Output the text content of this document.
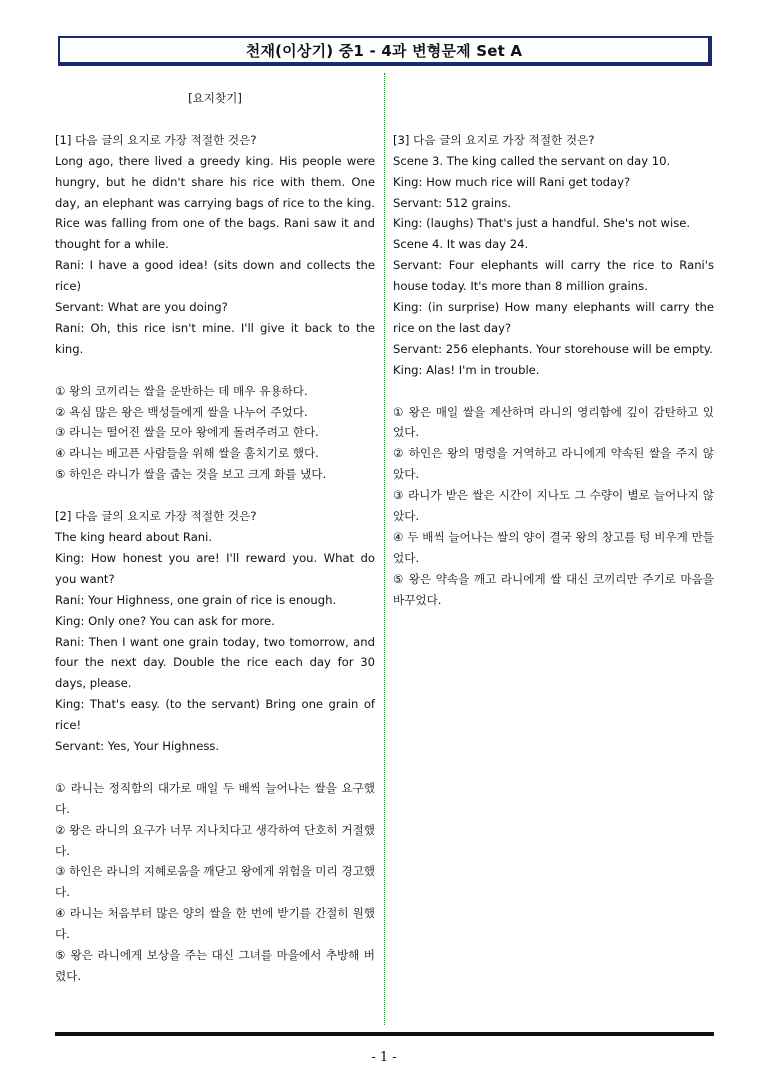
천재(이상기) 중1 - 4과 변형문제 Set A

[요지찾기]

[1] 다음 글의 요지로 가장 적절한 것은?

Long ago, there lived a greedy king. His people were hungry, but he didn't share his rice with them. One day, an elephant was carrying bags of rice to the king. Rice was falling from one of the bags. Rani saw it and thought for a while.

Rani: I have a good idea! (sits down and collects the rice)

Servant: What are you doing?

Rani: Oh, this rice isn't mine. I'll give it back to the king.

① 왕의 코끼리는 쌀을 운반하는 데 매우 유용하다.

② 욕심 많은 왕은 백성들에게 쌀을 나누어 주었다.

③ 라니는 떨어진 쌀을 모아 왕에게 돌려주려고 한다.

④ 라니는 배고픈 사람들을 위해 쌀을 훔치기로 했다.

⑤ 하인은 라니가 쌀을 줍는 것을 보고 크게 화를 냈다.

[2] 다음 글의 요지로 가장 적절한 것은?

The king heard about Rani.

King: How honest you are! I'll reward you. What do you want?

Rani: Your Highness, one grain of rice is enough.

King: Only one? You can ask for more.

Rani: Then I want one grain today, two tomorrow, and four the next day. Double the rice each day for 30 days, please.

King: That's easy. (to the servant) Bring one grain of rice!

Servant: Yes, Your Highness.

① 라니는 정직함의 대가로 매일 두 배씩 늘어나는 쌀을 요구했다.

② 왕은 라니의 요구가 너무 지나치다고 생각하여 단호히 거절했다.

③ 하인은 라니의 지혜로움을 깨닫고 왕에게 위험을 미리 경고했다.

④ 라니는 처음부터 많은 양의 쌀을 한 번에 받기를 간절히 원했다.

⑤ 왕은 라니에게 보상을 주는 대신 그녀를 마을에서 추방해 버렸다.

[3] 다음 글의 요지로 가장 적절한 것은?

Scene 3. The king called the servant on day 10.

King: How much rice will Rani get today?

Servant: 512 grains.

King: (laughs) That's just a handful. She's not wise.

Scene 4. It was day 24.

Servant: Four elephants will carry the rice to Rani's house today. It's more than 8 million grains.

King: (in surprise) How many elephants will carry the rice on the last day?

Servant: 256 elephants. Your storehouse will be empty.

King: Alas! I'm in trouble.

① 왕은 매일 쌀을 계산하며 라니의 영리함에 깊이 감탄하고 있었다.

② 하인은 왕의 명령을 거역하고 라니에게 약속된 쌀을 주지 않았다.

③ 라니가 받은 쌀은 시간이 지나도 그 수량이 별로 늘어나지 않았다.

④ 두 배씩 늘어나는 쌀의 양이 결국 왕의 창고를 텅 비우게 만들었다.

⑤ 왕은 약속을 깨고 라니에게 쌀 대신 코끼리만 주기로 마음을 바꾸었다.

- 1 -
